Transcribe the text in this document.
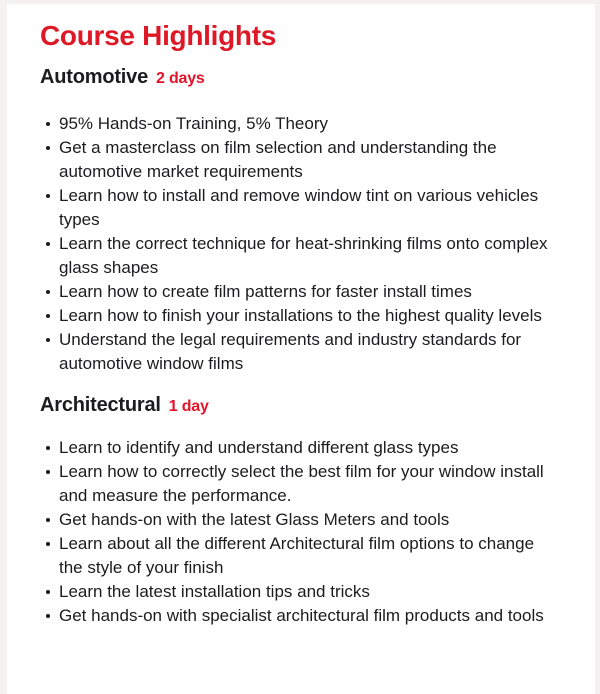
Course Highlights
Automotive 2 days
95% Hands-on Training, 5% Theory
Get a masterclass on film selection and understanding the automotive market requirements
Learn how to install and remove window tint on various vehicles types
Learn the correct technique for heat-shrinking films onto complex glass shapes
Learn how to create film patterns for faster install times
Learn how to finish your installations to the highest quality levels
Understand the legal requirements and industry standards for automotive window films
Architectural 1 day
Learn to identify and understand different glass types
Learn how to correctly select the best film for your window install and measure the performance.
Get hands-on with the latest Glass Meters and tools
Learn about all the different Architectural film options to change the style of your finish
Learn the latest installation tips and tricks
Get hands-on with specialist architectural film products and tools
